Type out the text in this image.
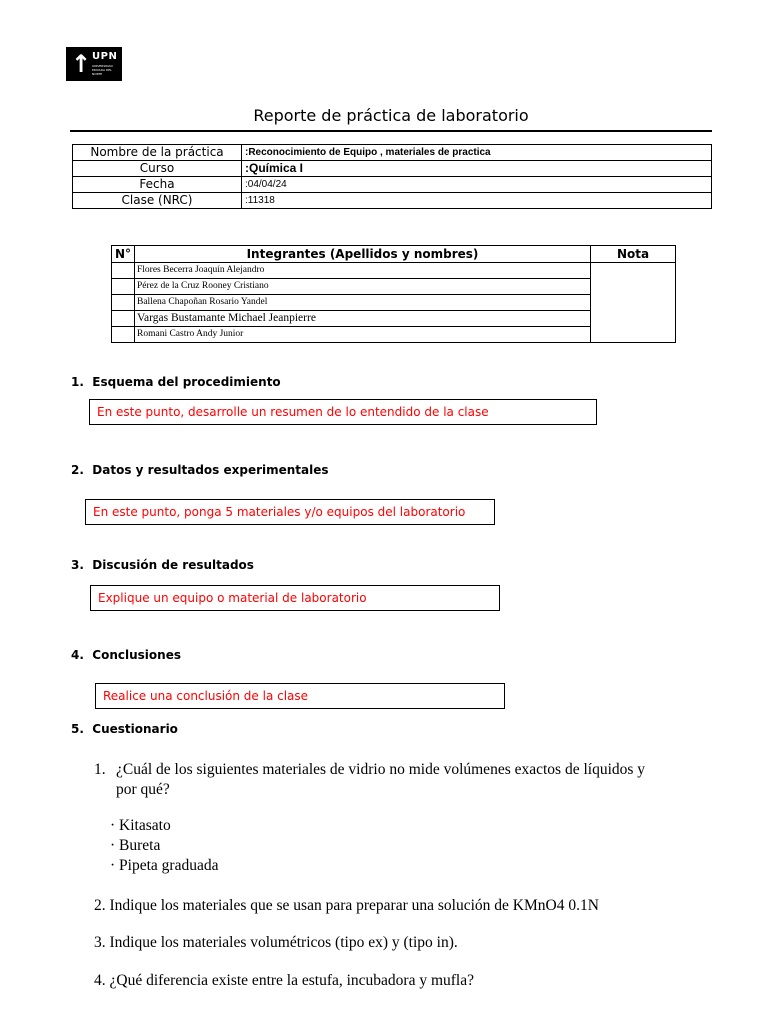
↑ UPN
UNIVERSIDAD PRIVADA DEL NORTE
Reporte de práctica de laboratorio
Nombre de la práctica	:Reconocimiento de Equipo , materiales de practica
Curso	:Química I
Fecha	:04/04/24
Clase (NRC)	:11318
N°	Integrantes (Apellidos y nombres)	Nota
	Flores Becerra Joaquín Alejandro	
	Pérez de la Cruz Rooney Cristiano	
	Ballena Chapoñan Rosario Yandel	
	Vargas Bustamante Michael Jeanpierre	
	Romani Castro Andy Junior	
1. Esquema del procedimiento
En este punto, desarrolle un resumen de lo entendido de la clase
2. Datos y resultados experimentales
En este punto, ponga 5 materiales y/o equipos del laboratorio
3. Discusión de resultados
Explique un equipo o material de laboratorio
4. Conclusiones
Realice una conclusión de la clase
5. Cuestionario
1. ¿Cuál de los siguientes materiales de vidrio no mide volúmenes exactos de líquidos y
por qué?
· Kitasato
· Bureta
· Pipeta graduada
2. Indique los materiales que se usan para preparar una solución de KMnO4 0.1N
3. Indique los materiales volumétricos (tipo ex) y (tipo in).
4. ¿Qué diferencia existe entre la estufa, incubadora y mufla?
